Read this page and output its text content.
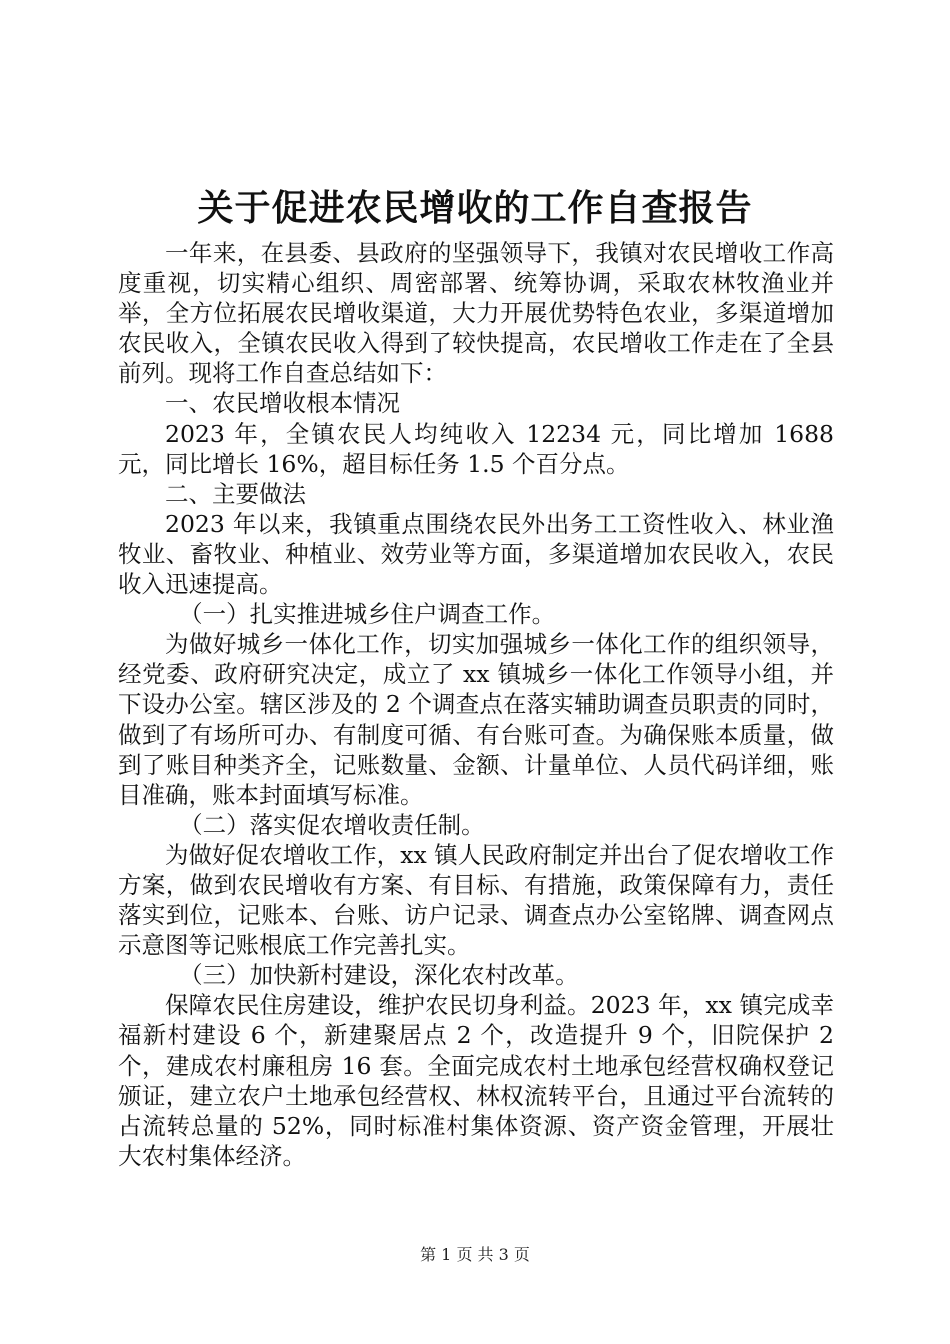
关于促进农民增收的工作自查报告

一年来，在县委、县政府的坚强领导下，我镇对农民增收工作高度重视，切实精心组织、周密部署、统筹协调，采取农林牧渔业并举，全方位拓展农民增收渠道，大力开展优势特色农业，多渠道增加农民收入，全镇农民收入得到了较快提高，农民增收工作走在了全县前列。现将工作自查总结如下：

一、农民增收根本情况

2023 年，全镇农民人均纯收入 12234 元，同比增加 1688 元，同比增长 16%，超目标任务 1.5 个百分点。

二、主要做法

2023 年以来，我镇重点围绕农民外出务工工资性收入、林业渔牧业、畜牧业、种植业、效劳业等方面，多渠道增加农民收入，农民收入迅速提高。

（一）扎实推进城乡住户调查工作。

为做好城乡一体化工作，切实加强城乡一体化工作的组织领导，经党委、政府研究决定，成立了 xx 镇城乡一体化工作领导小组，并下设办公室。辖区涉及的 2 个调查点在落实辅助调查员职责的同时，做到了有场所可办、有制度可循、有台账可查。为确保账本质量，做到了账目种类齐全，记账数量、金额、计量单位、人员代码详细，账目准确，账本封面填写标准。

（二）落实促农增收责任制。

为做好促农增收工作，xx 镇人民政府制定并出台了促农增收工作方案，做到农民增收有方案、有目标、有措施，政策保障有力，责任落实到位，记账本、台账、访户记录、调查点办公室铭牌、调查网点示意图等记账根底工作完善扎实。

（三）加快新村建设，深化农村改革。

保障农民住房建设，维护农民切身利益。2023 年，xx 镇完成幸福新村建设 6 个，新建聚居点 2 个，改造提升 9 个，旧院保护 2 个，建成农村廉租房 16 套。全面完成农村土地承包经营权确权登记颁证，建立农户土地承包经营权、林权流转平台，且通过平台流转的占流转总量的 52%，同时标准村集体资源、资产资金管理，开展壮大农村集体经济。

第 1 页 共 3 页
